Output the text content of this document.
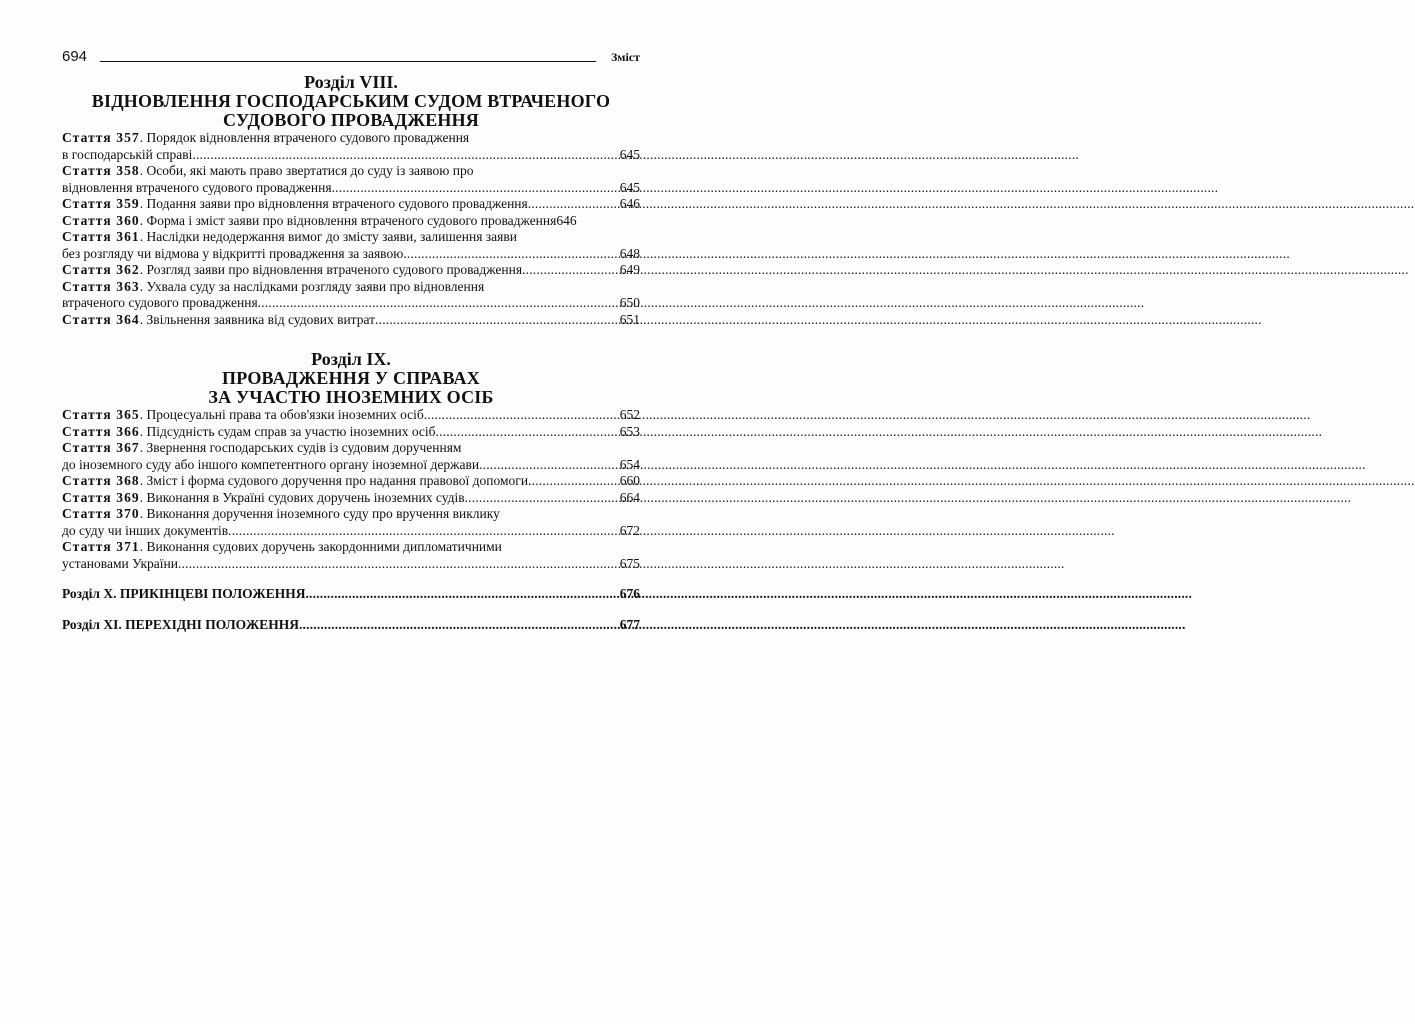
694	Зміст
Розділ VIII.
ВІДНОВЛЕННЯ ГОСПОДАРСЬКИМ СУДОМ ВТРАЧЕНОГО
СУДОВОГО ПРОВАДЖЕННЯ
Стаття 357. Порядок відновлення втраченого судового провадження
в господарській справі .....	645
Стаття 358. Особи, які мають право звертатися до суду із заявою про
відновлення втраченого судового провадження .....	645
Стаття 359. Подання заяви про відновлення втраченого судового провадження .....	646
Стаття 360. Форма і зміст заяви про відновлення втраченого судового провадження 646
Стаття 361. Наслідки недодержання вимог до змісту заяви, залишення заяви
без розгляду чи відмова у відкритті провадження за заявою .....	648
Стаття 362. Розгляд заяви про відновлення втраченого судового провадження .....	649
Стаття 363. Ухвала суду за наслідками розгляду заяви про відновлення
втраченого судового провадження .....	650
Стаття 364. Звільнення заявника від судових витрат .....	651
Розділ IX.
ПРОВАДЖЕННЯ У СПРАВАХ
ЗА УЧАСТЮ ІНОЗЕМНИХ ОСІБ
Стаття 365. Процесуальні права та обов'язки іноземних осіб .....	652
Стаття 366. Підсудність судам справ за участю іноземних осіб .....	653
Стаття 367. Звернення господарських судів із судовим дорученням
до іноземного суду або іншого компетентного органу іноземної держави .....	654
Стаття 368. Зміст і форма судового доручення про надання правової допомоги .....	660
Стаття 369. Виконання в Україні судових доручень іноземних судів .....	664
Стаття 370. Виконання доручення іноземного суду про вручення виклику
до суду чи інших документів .....	672
Стаття 371. Виконання судових доручень закордонними дипломатичними
установами України .....	675
Розділ X. ПРИКІНЦЕВІ ПОЛОЖЕННЯ .....	676
Розділ XI. ПЕРЕХІДНІ ПОЛОЖЕННЯ .....	677
